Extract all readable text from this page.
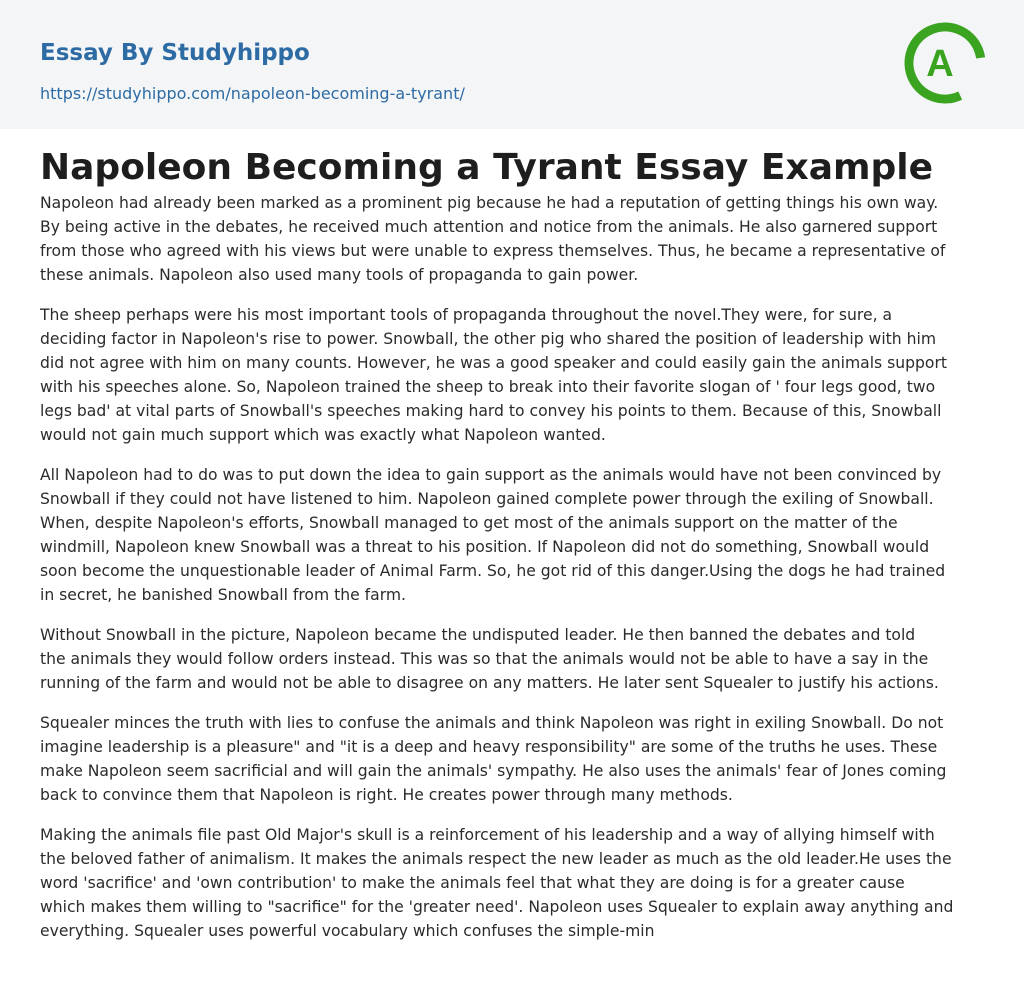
Essay By Studyhippo
https://studyhippo.com/napoleon-becoming-a-tyrant/
A
Napoleon Becoming a Tyrant Essay Example

Napoleon had already been marked as a prominent pig because he had a reputation of getting things his own way.
By being active in the debates, he received much attention and notice from the animals. He also garnered support
from those who agreed with his views but were unable to express themselves. Thus, he became a representative of
these animals. Napoleon also used many tools of propaganda to gain power.

The sheep perhaps were his most important tools of propaganda throughout the novel.They were, for sure, a
deciding factor in Napoleon's rise to power. Snowball, the other pig who shared the position of leadership with him
did not agree with him on many counts. However, he was a good speaker and could easily gain the animals support
with his speeches alone. So, Napoleon trained the sheep to break into their favorite slogan of ' four legs good, two
legs bad' at vital parts of Snowball's speeches making hard to convey his points to them. Because of this, Snowball
would not gain much support which was exactly what Napoleon wanted.

All Napoleon had to do was to put down the idea to gain support as the animals would have not been convinced by
Snowball if they could not have listened to him. Napoleon gained complete power through the exiling of Snowball.
When, despite Napoleon's efforts, Snowball managed to get most of the animals support on the matter of the
windmill, Napoleon knew Snowball was a threat to his position. If Napoleon did not do something, Snowball would
soon become the unquestionable leader of Animal Farm. So, he got rid of this danger.Using the dogs he had trained
in secret, he banished Snowball from the farm.

Without Snowball in the picture, Napoleon became the undisputed leader. He then banned the debates and told
the animals they would follow orders instead. This was so that the animals would not be able to have a say in the
running of the farm and would not be able to disagree on any matters. He later sent Squealer to justify his actions.

Squealer minces the truth with lies to confuse the animals and think Napoleon was right in exiling Snowball. Do not
imagine leadership is a pleasure" and "it is a deep and heavy responsibility" are some of the truths he uses. These
make Napoleon seem sacrificial and will gain the animals' sympathy. He also uses the animals' fear of Jones coming
back to convince them that Napoleon is right. He creates power through many methods.

Making the animals file past Old Major's skull is a reinforcement of his leadership and a way of allying himself with
the beloved father of animalism. It makes the animals respect the new leader as much as the old leader.He uses the
word 'sacrifice' and 'own contribution' to make the animals feel that what they are doing is for a greater cause
which makes them willing to "sacrifice" for the 'greater need'. Napoleon uses Squealer to explain away anything and
everything. Squealer uses powerful vocabulary which confuses the simple-min
